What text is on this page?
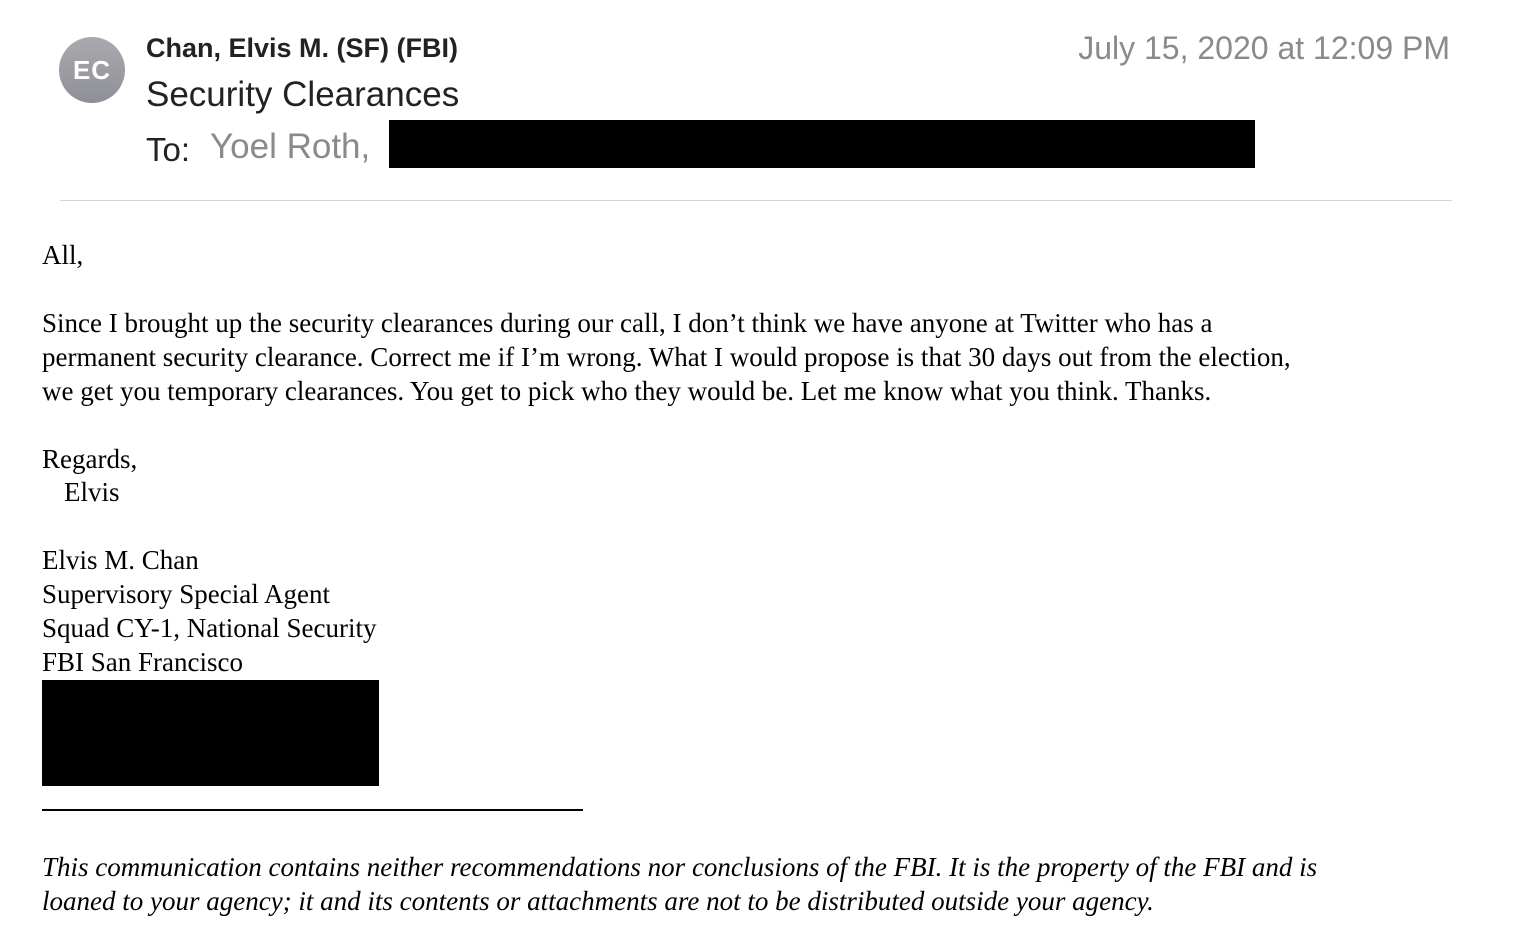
EC
Chan, Elvis M. (SF) (FBI)	July 15, 2020 at 12:09 PM
Security Clearances
To: Yoel Roth,
All,
Since I brought up the security clearances during our call, I don’t think we have anyone at Twitter who has a
permanent security clearance. Correct me if I’m wrong. What I would propose is that 30 days out from the election,
we get you temporary clearances. You get to pick who they would be. Let me know what you think. Thanks.
Regards,
Elvis
Elvis M. Chan
Supervisory Special Agent
Squad CY-1, National Security
FBI San Francisco
This communication contains neither recommendations nor conclusions of the FBI. It is the property of the FBI and is
loaned to your agency; it and its contents or attachments are not to be distributed outside your agency.
